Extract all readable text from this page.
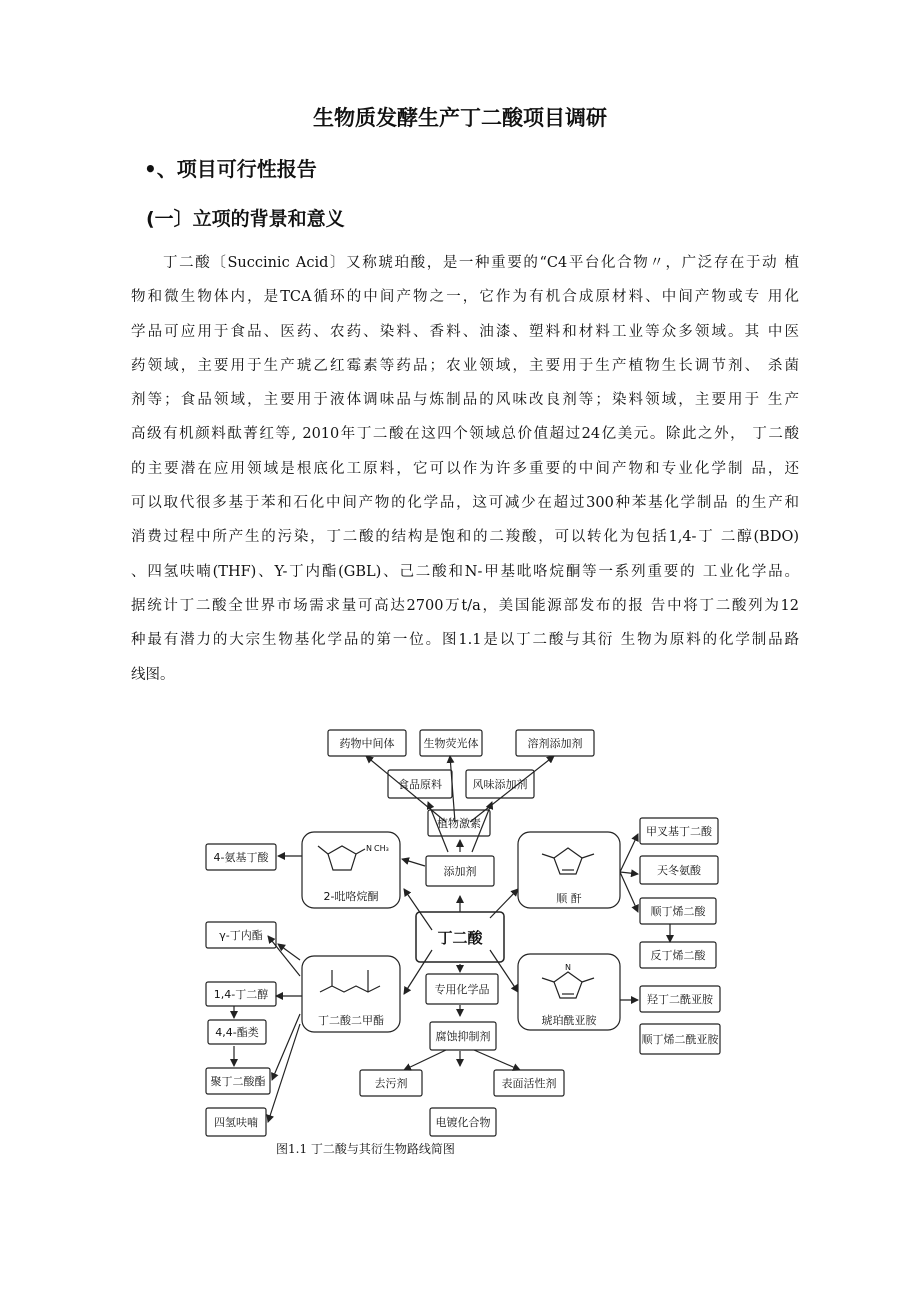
生物质发酵生产丁二酸项目调研
•、项目可行性报告
(一〕立项的背景和意义
丁二酸〔Succinic Acid〕又称琥珀酸，是一种重要的“C4平台化合物〃，广泛存在于动 植
物和微生物体内，是TCA循环的中间产物之一，它作为有机合成原材料、中间产物或专 用化
学品可应用于食品、医药、农药、染料、香料、油漆、塑料和材料工业等众多领域。其 中医
药领域，主要用于生产琥乙红霉素等药品；农业领域，主要用于生产植物生长调节剂、 杀菌
剂等；食品领域，主要用于液体调味品与炼制品的风味改良剂等；染料领域，主要用于 生产
高级有机颜料酞菁红等, 2010年丁二酸在这四个领域总价值超过24亿美元。除此之外， 丁二酸
的主要潜在应用领域是根底化工原料，它可以作为许多重要的中间产物和专业化学制 品，还
可以取代很多基于苯和石化中间产物的化学品，这可减少在超过300种苯基化学制品 的生产和
消费过程中所产生的污染，丁二酸的结构是饱和的二羧酸，可以转化为包括1,4-丁 二醇(BDO)
、四氢呋喃(THF)、Y-丁内酯(GBL)、己二酸和N-甲基吡咯烷酮等一系列重要的 工业化学品。
据统计丁二酸全世界市场需求量可高达2700万t/a，美国能源部发布的报 告中将丁二酸列为12
种最有潜力的大宗生物基化学品的第一位。图1.1是以丁二酸与其衍 生物为原料的化学制品路
线图。
药物中间体	生物荧光体	溶剂添加剂
食品原料	风味添加剂
植物激素
添加剂
N CH₃
2-吡咯烷酮
4-氨基丁酸
γ-丁内酯	丁二酸
丁二酸二甲酯
1,4-丁二醇
4,4-酯类
聚丁二酸酯
四氢呋喃
专用化学品
腐蚀抑制剂
去污剂	表面活性剂
电镀化合物
顺 酐
N
琥珀酰亚胺
甲叉基丁二酸
天冬氨酸
顺丁烯二酸
反丁烯二酸
羟丁二酰亚胺
顺丁烯二酰亚胺
图1.1 丁二酸与其衍生物路线简图
